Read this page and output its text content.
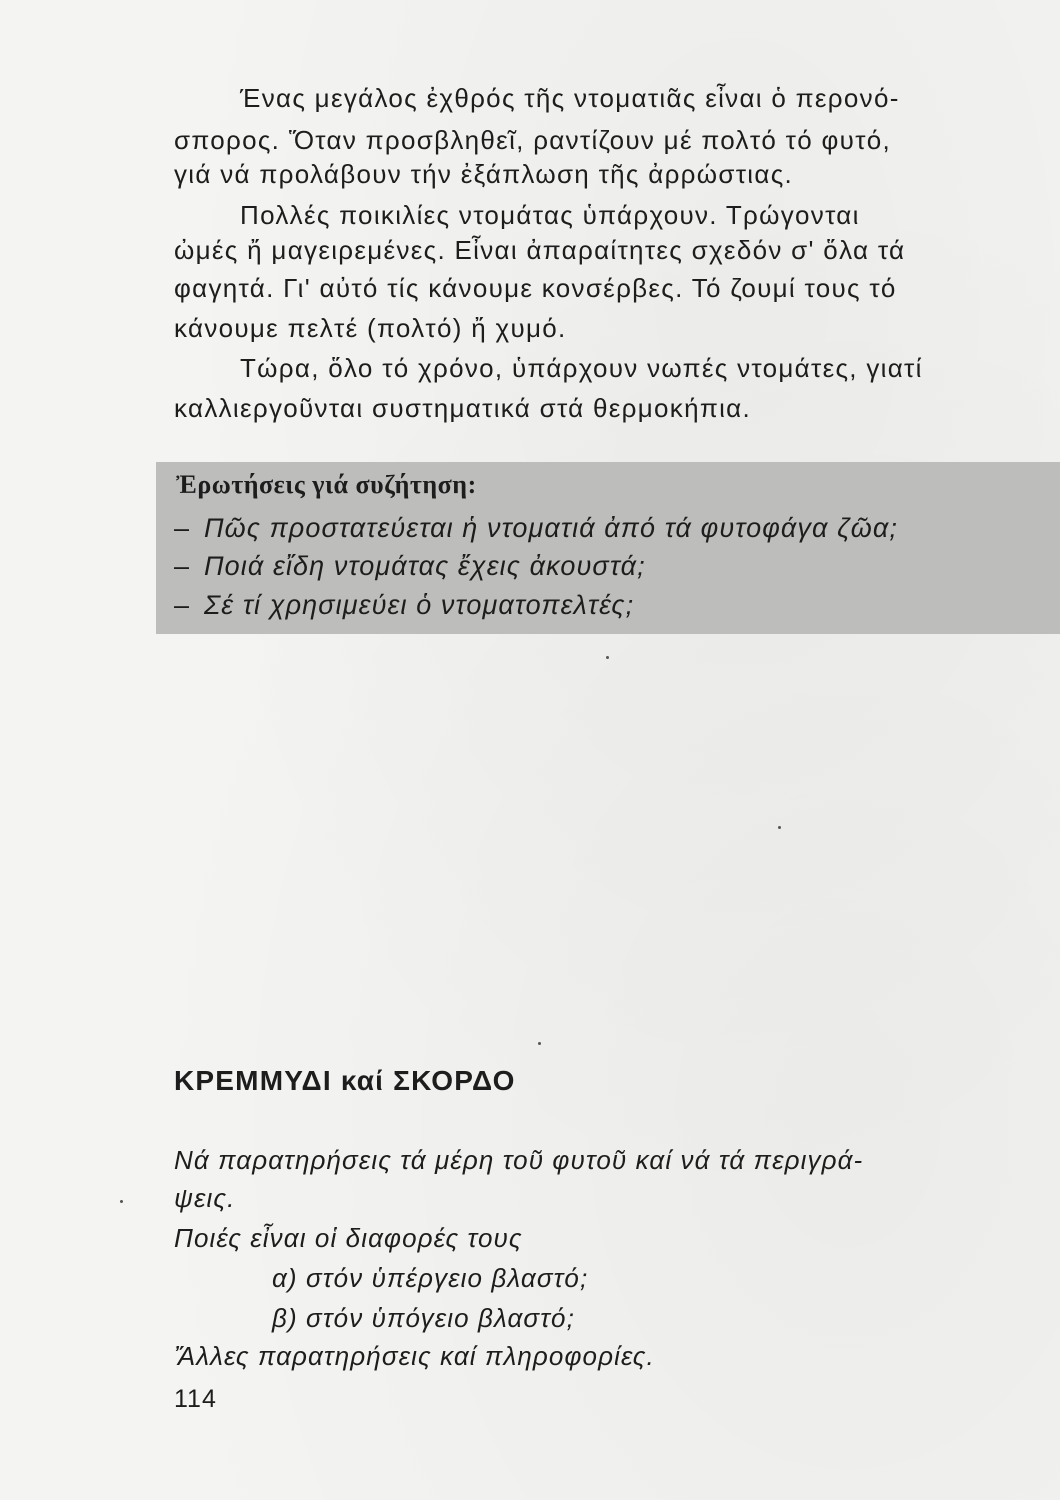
Ένας μεγάλος ἐχθρός τῆς ντοματιᾶς εἶναι ὁ περονό-
σπορος. Ὅταν προσβληθεῖ, ραντίζουν μέ πολτό τό φυτό,
γιά νά προλάβουν τήν ἐξάπλωση τῆς ἀρρώστιας.
Πολλές ποικιλίες ντομάτας ὑπάρχουν. Τρώγονται
ὠμές ἤ μαγειρεμένες. Εἶναι ἀπαραίτητες σχεδόν σ' ὅλα τά
φαγητά. Γι' αὐτό τίς κάνουμε κονσέρβες. Τό ζουμί τους τό
κάνουμε πελτέ (πολτό) ἤ χυμό.
Τώρα, ὅλο τό χρόνο, ὑπάρχουν νωπές ντομάτες, γιατί
καλλιεργοῦνται συστηματικά στά θερμοκήπια.
Ἐρωτήσεις γιά συζήτηση:
– Πῶς προστατεύεται ἡ ντοματιά ἀπό τά φυτοφάγα ζῶα;
– Ποιά εἴδη ντομάτας ἔχεις ἀκουστά;
– Σέ τί χρησιμεύει ὁ ντοματοπελτές;
ΚΡΕΜΜΥΔΙ καί ΣΚΟΡΔΟ
Νά παρατηρήσεις τά μέρη τοῦ φυτοῦ καί νά τά περιγρά-
ψεις.
Ποιές εἶναι οἱ διαφορές τους
α) στόν ὑπέργειο βλαστό;
β) στόν ὑπόγειο βλαστό;
Ἄλλες παρατηρήσεις καί πληροφορίες.
114
